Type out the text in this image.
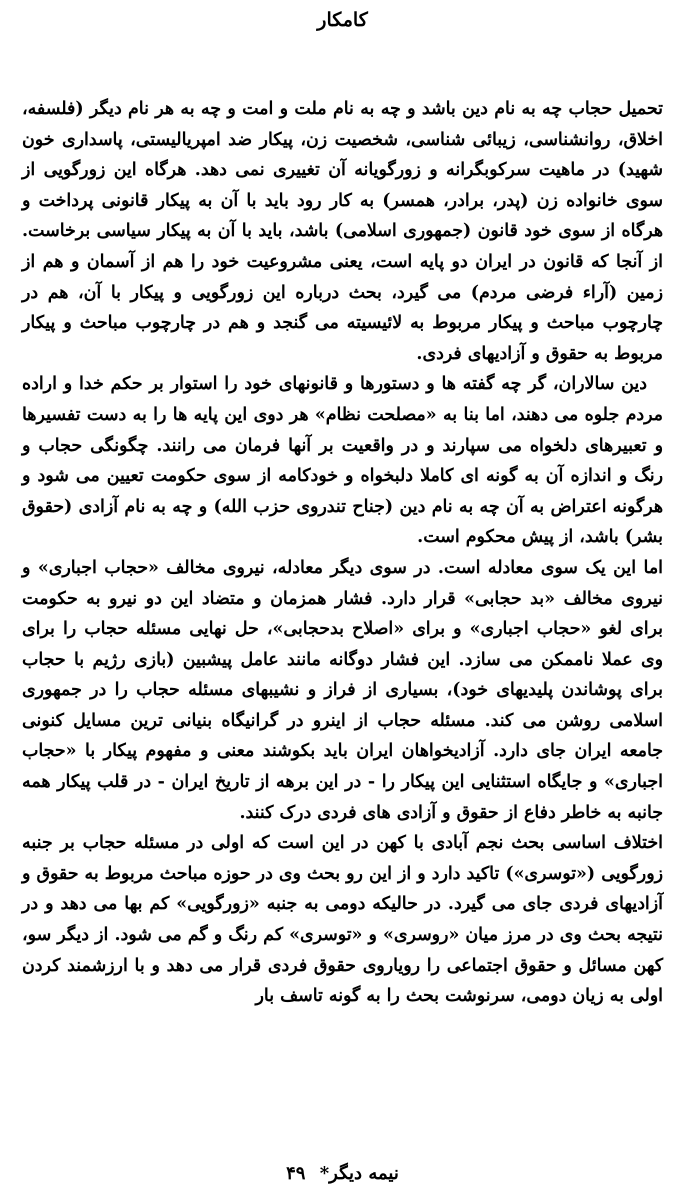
کامکار

تحمیل حجاب چه به نام دین باشد و چه به نام ملت و امت و چه به هر نام دیگر (فلسفه، اخلاق، روانشناسی، زیبائی شناسی، شخصیت زن، پیکار ضد امپریالیستی، پاسداری خون شهید) در ماهیت سرکوبگرانه و زورگویانه آن تغییری نمی دهد. هرگاه این زورگویی از سوی خانواده زن (پدر، برادر، همسر) به کار رود باید با آن به پیکار قانونی پرداخت و هرگاه از سوی خود قانون (جمهوری اسلامی) باشد، باید با آن به پیکار سیاسی برخاست. از آنجا که قانون در ایران دو پایه است، یعنی مشروعیت خود را هم از آسمان و هم از زمین (آراء فرضی مردم) می گیرد، بحث درباره این زورگویی و پیکار با آن، هم در چارچوب مباحث و پیکار مربوط به لائیسیته می گنجد و هم در چارچوب مباحث و پیکار مربوط به حقوق و آزادیهای فردی.

دین سالاران، گر چه گفته ها و دستورها و قانونهای خود را استوار بر حکم خدا و اراده مردم جلوه می دهند، اما بنا به «مصلحت نظام» هر دوی این پایه ها را به دست تفسیرها و تعبیرهای دلخواه می سپارند و در واقعیت بر آنها فرمان می رانند. چگونگی حجاب و رنگ و اندازه آن به گونه ای کاملا دلبخواه و خودکامه از سوی حکومت تعیین می شود و هرگونه اعتراض به آن چه به نام دین (جناح تندروی حزب الله) و چه به نام آزادی (حقوق بشر) باشد، از پیش محکوم است.

اما این یک سوی معادله است. در سوی دیگر معادله، نیروی مخالف «حجاب اجباری» و نیروی مخالف «بد حجابی» قرار دارد. فشار همزمان و متضاد این دو نیرو به حکومت برای لغو «حجاب اجباری» و برای «اصلاح بدحجابی»، حل نهایی مسئله حجاب را برای وی عملا ناممکن می سازد. این فشار دوگانه مانند عامل پیشبین (بازی رژیم با حجاب برای پوشاندن پلیدیهای خود)، بسیاری از فراز و نشیبهای مسئله حجاب را در جمهوری اسلامی روشن می کند. مسئله حجاب از اینرو در گرانیگاه بنیانی ترین مسایل کنونی جامعه ایران جای دارد. آزادیخواهان ایران باید بکوشند معنی و مفهوم پیکار با «حجاب اجباری» و جایگاه استثنایی این پیکار را - در این برهه از تاریخ ایران - در قلب پیکار همه جانبه به خاطر دفاع از حقوق و آزادی های فردی درک کنند.

اختلاف اساسی بحث نجم آبادی با کهن در این است که اولی در مسئله حجاب بر جنبه زورگویی («توسری») تاکید دارد و از این رو بحث وی در حوزه مباحث مربوط به حقوق و آزادیهای فردی جای می گیرد. در حالیکه دومی به جنبه «زورگویی» کم بها می دهد و در نتیجه بحث وی در مرز میان «روسری» و «توسری» کم رنگ و گم می شود. از دیگر سو، کهن مسائل و حقوق اجتماعی را رویاروی حقوق فردی قرار می دهد و با ارزشمند کردن اولی به زیان دومی، سرنوشت بحث را به گونه تاسف بار

نیمه دیگر* ۴۹
